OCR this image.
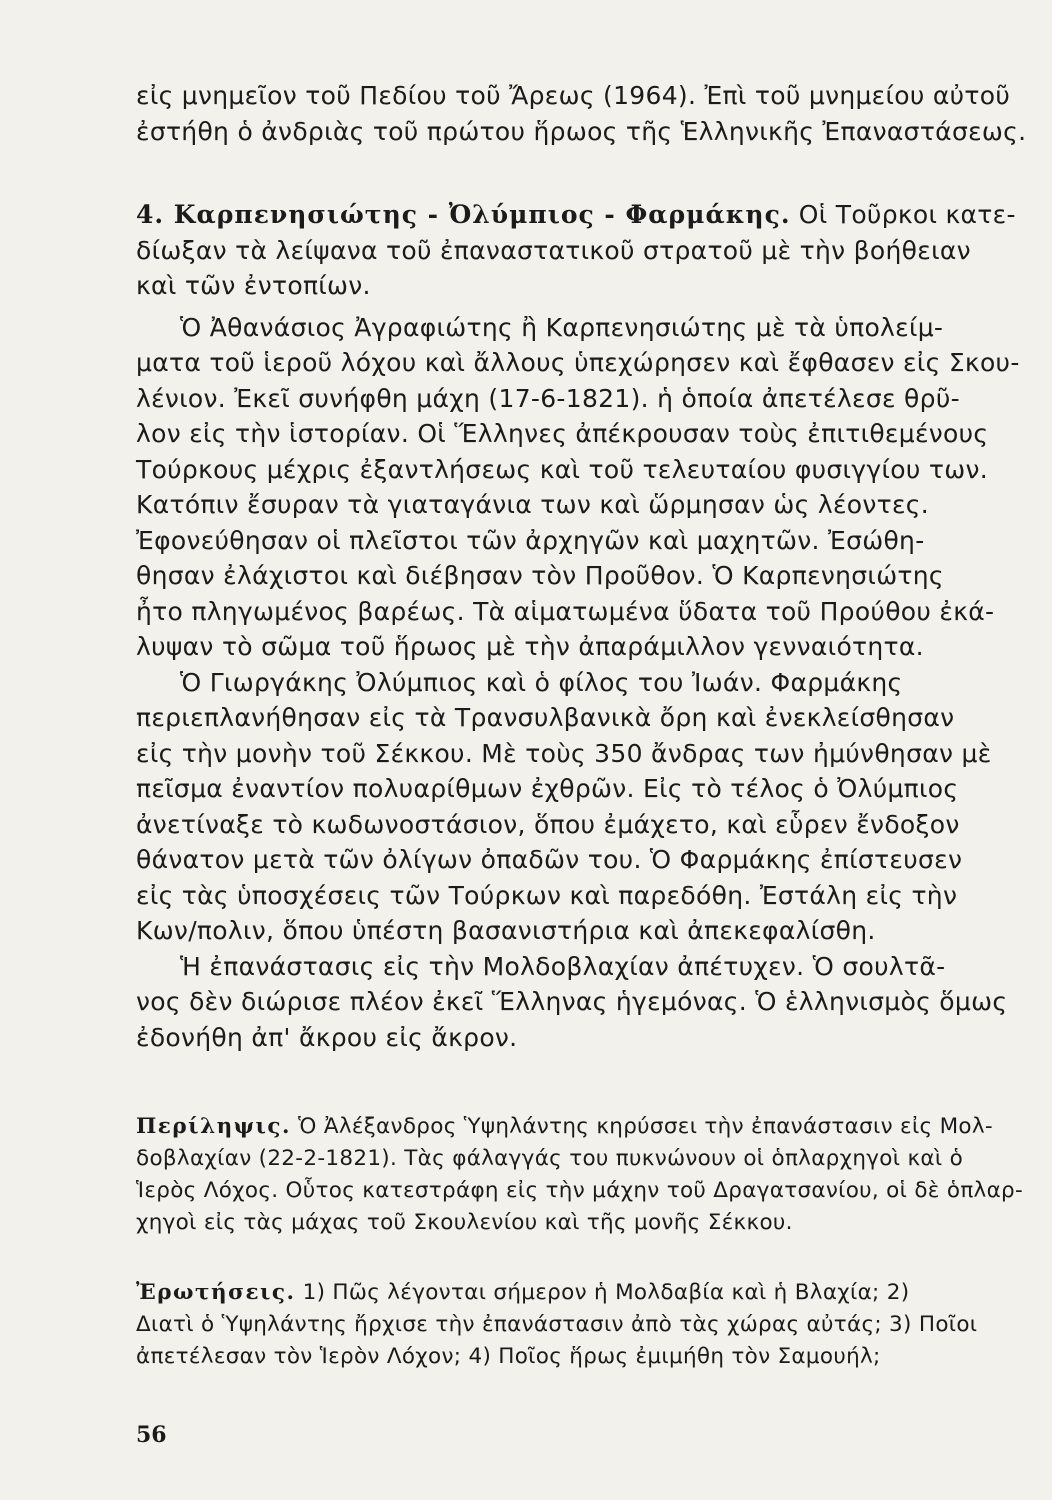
εἰς μνημεῖον τοῦ Πεδίου τοῦ Ἄρεως (1964). Ἐπὶ τοῦ μνημείου αὐτοῦ
ἐστήθη ὁ ἀνδριὰς τοῦ πρώτου ἥρωος τῆς Ἑλληνικῆς Ἐπαναστάσεως.
4. Καρπενησιώτης - Ὀλύμπιος - Φαρμάκης. Οἱ Τοῦρκοι κατε-
δίωξαν τὰ λείψανα τοῦ ἐπαναστατικοῦ στρατοῦ μὲ τὴν βοήθειαν
καὶ τῶν ἐντοπίων.
Ὁ Ἀθανάσιος Ἀγραφιώτης ἢ Καρπενησιώτης μὲ τὰ ὑπολείμ-
ματα τοῦ ἱεροῦ λόχου καὶ ἄλλους ὑπεχώρησεν καὶ ἔφθασεν εἰς Σκου-
λένιον. Ἐκεῖ συνήφθη μάχη (17-6-1821). ἡ ὁποία ἀπετέλεσε θρῦ-
λον εἰς τὴν ἱστορίαν. Οἱ Ἕλληνες ἀπέκρουσαν τοὺς ἐπιτιθεμένους
Τούρκους μέχρις ἐξαντλήσεως καὶ τοῦ τελευταίου φυσιγγίου των.
Κατόπιν ἔσυραν τὰ γιαταγάνια των καὶ ὥρμησαν ὡς λέοντες.
Ἐφονεύθησαν οἱ πλεῖστοι τῶν ἀρχηγῶν καὶ μαχητῶν. Ἐσώθη-
θησαν ἐλάχιστοι καὶ διέβησαν τὸν Προῦθον. Ὁ Καρπενησιώτης
ἦτο πληγωμένος βαρέως. Τὰ αἱματωμένα ὕδατα τοῦ Προύθου ἐκά-
λυψαν τὸ σῶμα τοῦ ἥρωος μὲ τὴν ἀπαράμιλλον γενναιότητα.
Ὁ Γιωργάκης Ὀλύμπιος καὶ ὁ φίλος του Ἰωάν. Φαρμάκης
περιεπλανήθησαν εἰς τὰ Τρανσυλβανικὰ ὄρη καὶ ἐνεκλείσθησαν
εἰς τὴν μονὴν τοῦ Σέκκου. Μὲ τοὺς 350 ἄνδρας των ἠμύνθησαν μὲ
πεῖσμα ἐναντίον πολυαρίθμων ἐχθρῶν. Εἰς τὸ τέλος ὁ Ὀλύμπιος
ἀνετίναξε τὸ κωδωνοστάσιον, ὅπου ἐμάχετο, καὶ εὗρεν ἔνδοξον
θάνατον μετὰ τῶν ὀλίγων ὀπαδῶν του. Ὁ Φαρμάκης ἐπίστευσεν
εἰς τὰς ὑποσχέσεις τῶν Τούρκων καὶ παρεδόθη. Ἐστάλη εἰς τὴν
Κων/πολιν, ὅπου ὑπέστη βασανιστήρια καὶ ἀπεκεφαλίσθη.
Ἡ ἐπανάστασις εἰς τὴν Μολδοβλαχίαν ἀπέτυχεν. Ὁ σουλτᾶ-
νος δὲν διώρισε πλέον ἐκεῖ Ἕλληνας ἡγεμόνας. Ὁ ἑλληνισμὸς ὅμως
ἐδονήθη ἀπ' ἄκρου εἰς ἄκρον.
Περίληψις. Ὁ Ἀλέξανδρος Ὑψηλάντης κηρύσσει τὴν ἐπανάστασιν εἰς Μολ-
δοβλαχίαν (22-2-1821). Τὰς φάλαγγάς του πυκνώνουν οἱ ὁπλαρχηγοὶ καὶ ὁ
Ἱερὸς Λόχος. Οὗτος κατεστράφη εἰς τὴν μάχην τοῦ Δραγατσανίου, οἱ δὲ ὁπλαρ-
χηγοὶ εἰς τὰς μάχας τοῦ Σκουλενίου καὶ τῆς μονῆς Σέκκου.
Ἐρωτήσεις. 1) Πῶς λέγονται σήμερον ἡ Μολδαβία καὶ ἡ Βλαχία; 2)
Διατὶ ὁ Ὑψηλάντης ἤρχισε τὴν ἐπανάστασιν ἀπὸ τὰς χώρας αὐτάς; 3) Ποῖοι
ἀπετέλεσαν τὸν Ἱερὸν Λόχον; 4) Ποῖος ἥρως ἐμιμήθη τὸν Σαμουήλ;
56
